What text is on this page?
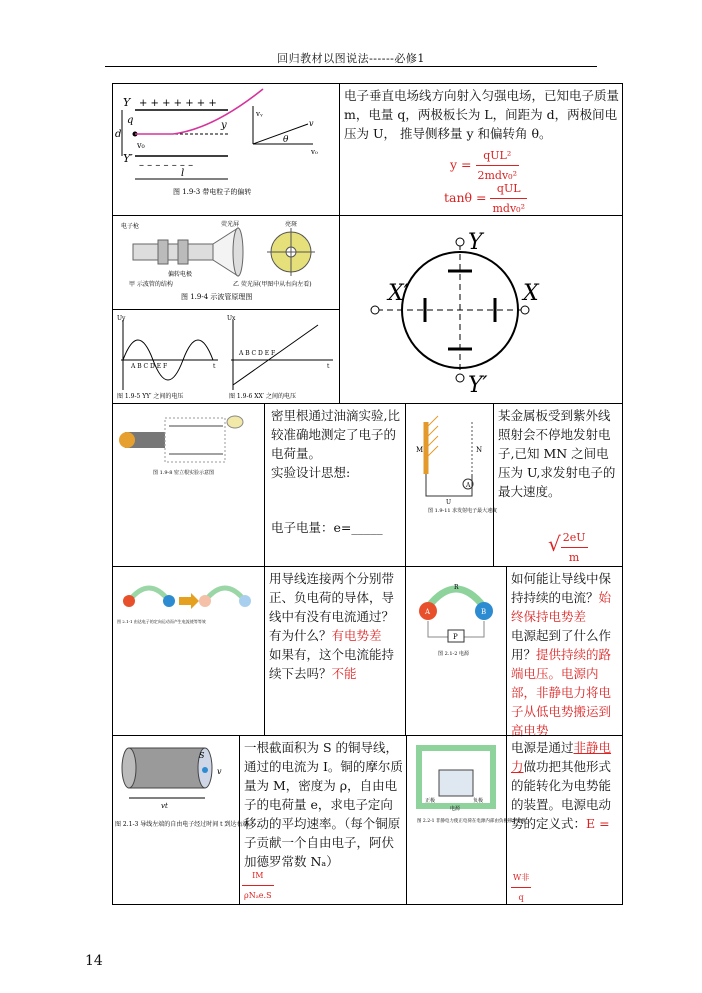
回归教材以图说法------必修1
Y + + + + + + +
Y′
– – – – – – –
q
d
v₀
y
l
vᵧ
v
θ
v₀
图 1.9-3 带电粒子的偏转
电子垂直电场线方向射入匀强电场，已知电子质量 m，电量 q，两极板长为 L，间距为 d，两极间电压为 U， 推导侧移量 y 和偏转角 θ。
$y = \frac{\text{qUL²}}{\text{2mdv₀²}}$
$\tan\theta = \frac{\text{qUL}}{\text{mdv₀²}}$
电子枪	荧光屏
偏转电极
亮斑
甲 示波管的结构	乙 荧光屏(甲图中从右向左看)
图 1.9-4 示波管原理图
Y
Y′
X′	X
Uy
t
A B C D E F
Ux
t
A B C D E F
图 1.9-5 YY′ 之间的电压	图 1.9-6 XX′ 之间的电压
图 1.9-8 密立根实验示意图
密里根通过油滴实验,比较准确地测定了电子的电荷量。
实验设计思想:
电子电量：e=_____
M	N
A
U
图 1.9-11 求发射电子最大速度
某金属板受到紫外线照射会不停地发射电子,已知 MN 之间电压为 U,求发射电子的最大速度。
√ $\frac{2eU}{m}$
图 2.1-1 由达电子的定向运动而产生电流使等等效
用导线连接两个分别带正、负电荷的导体，导线中有没有电流通过？有为什么？有电势差
如果有，这个电流能持续下去吗？不能
A	B
R
P
图 2.1-2 电源
如何能让导线中保持持续的电流？始终保持电势差
电源起到了什么作用？提供持续的路端电压。电源内部，非静电力将电子从低电势搬运到高电势
S
v
vt
图 2.1-3 导线左端的自由电子经过时间 t 到达右端。
一根截面积为 S 的铜导线，通过的电流为 I。铜的摩尔质量为 M，密度为 ρ，自由电子的电荷量 e，求电子定向移动的平均速率。（每个铜原子贡献一个自由电子，阿伏加德罗常数 Nₐ）
$\frac{IM}{\text{ρNₐe.S}}$
正极	负极
电源
图 2.2-1 非静电力使正电荷在电源内部由负极移至正极。
电源是通过非静电力做功把其他形式的能转化为电势能的装置。电源电动势的定义式：E =
$\frac{\text{W非}}{q}$
14
